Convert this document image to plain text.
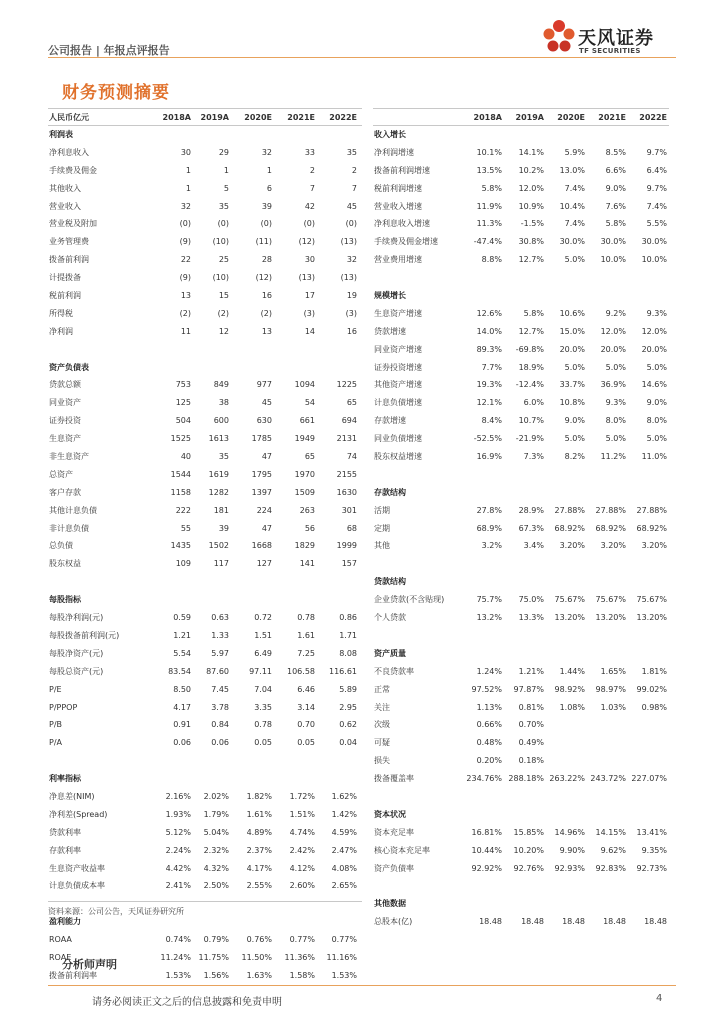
公司报告 | 年报点评报告
天风证券
TF SECURITIES
财务预测摘要
人民币亿元	2018A	2019A	2020E	2021E	2022E
利润表
净利息收入	30	29	32	33	35
手续费及佣金	1	1	1	2	2
其他收入	1	5	6	7	7
营业收入	32	35	39	42	45
营业税及附加	(0)	(0)	(0)	(0)	(0)
业务管理费	(9)	(10)	(11)	(12)	(13)
拨备前利润	22	25	28	30	32
计提拨备	(9)	(10)	(12)	(13)	(13)
税前利润	13	15	16	17	19
所得税	(2)	(2)	(2)	(3)	(3)
净利润	11	12	13	14	16
资产负债表
贷款总额	753	849	977	1094	1225
同业资产	125	38	45	54	65
证券投资	504	600	630	661	694
生息资产	1525	1613	1785	1949	2131
非生息资产	40	35	47	65	74
总资产	1544	1619	1795	1970	2155
客户存款	1158	1282	1397	1509	1630
其他计息负债	222	181	224	263	301
非计息负债	55	39	47	56	68
总负债	1435	1502	1668	1829	1999
股东权益	109	117	127	141	157
每股指标
每股净利润(元)	0.59	0.63	0.72	0.78	0.86
每股拨备前利润(元)	1.21	1.33	1.51	1.61	1.71
每股净资产(元)	5.54	5.97	6.49	7.25	8.08
每股总资产(元)	83.54	87.60	97.11	106.58	116.61
P/E	8.50	7.45	7.04	6.46	5.89
P/PPOP	4.17	3.78	3.35	3.14	2.95
P/B	0.91	0.84	0.78	0.70	0.62
P/A	0.06	0.06	0.05	0.05	0.04
利率指标
净息差(NIM)	2.16%	2.02%	1.82%	1.72%	1.62%
净利差(Spread)	1.93%	1.79%	1.61%	1.51%	1.42%
贷款利率	5.12%	5.04%	4.89%	4.74%	4.59%
存款利率	2.24%	2.32%	2.37%	2.42%	2.47%
生息资产收益率	4.42%	4.32%	4.17%	4.12%	4.08%
计息负债成本率	2.41%	2.50%	2.55%	2.60%	2.65%
盈利能力
ROAA	0.74%	0.79%	0.76%	0.77%	0.77%
ROAE	11.24% 11.75%	11.50%	11.36%	11.16%
拨备前利润率	1.53%	1.56%	1.63%	1.58%	1.53%
2018A	2019A	2020E	2021E	2022E
收入增长
净利润增速	10.1%	14.1%	5.9%	8.5%	9.7%
拨备前利润增速	13.5%	10.2%	13.0%	6.6%	6.4%
税前利润增速	5.8%	12.0%	7.4%	9.0%	9.7%
营业收入增速	11.9%	10.9%	10.4%	7.6%	7.4%
净利息收入增速	11.3%	-1.5%	7.4%	5.8%	5.5%
手续费及佣金增速	-47.4%	30.8%	30.0%	30.0%	30.0%
营业费用增速	8.8%	12.7%	5.0%	10.0%	10.0%
规模增长
生息资产增速	12.6%	5.8%	10.6%	9.2%	9.3%
贷款增速	14.0%	12.7%	15.0%	12.0%	12.0%
同业资产增速	89.3%	-69.8%	20.0%	20.0%	20.0%
证券投资增速	7.7%	18.9%	5.0%	5.0%	5.0%
其他资产增速	19.3%	-12.4%	33.7%	36.9%	14.6%
计息负债增速	12.1%	6.0%	10.8%	9.3%	9.0%
存款增速	8.4%	10.7%	9.0%	8.0%	8.0%
同业负债增速	-52.5%	-21.9%	5.0%	5.0%	5.0%
股东权益增速	16.9%	7.3%	8.2%	11.2%	11.0%
存款结构
活期	27.8%	28.9%	27.88%	27.88%	27.88%
定期	68.9%	67.3%	68.92%	68.92%	68.92%
其他	3.2%	3.4%	3.20%	3.20%	3.20%
贷款结构
企业贷款(不含贴现)	75.7%	75.0%	75.67%	75.67%	75.67%
个人贷款	13.2%	13.3%	13.20%	13.20%	13.20%
资产质量
不良贷款率	1.24%	1.21%	1.44%	1.65%	1.81%
正常	97.52%	97.87%	98.92%	98.97%	99.02%
关注	1.13%	0.81%	1.08%	1.03%	0.98%
次级	0.66%	0.70%
可疑	0.48%	0.49%
损失	0.20%	0.18%
拨备覆盖率	234.76% 288.18% 263.22% 243.72% 227.07%
资本状况
资本充足率	16.81%	15.85%	14.96%	14.15%	13.41%
核心资本充足率	10.44%	10.20%	9.90%	9.62%	9.35%
资产负债率	92.92%	92.76%	92.93%	92.83%	92.73%
其他数据
总股本(亿)	18.48	18.48	18.48	18.48	18.48
资料来源：公司公告，天风证券研究所
分析师声明
请务必阅读正文之后的信息披露和免责申明	4
